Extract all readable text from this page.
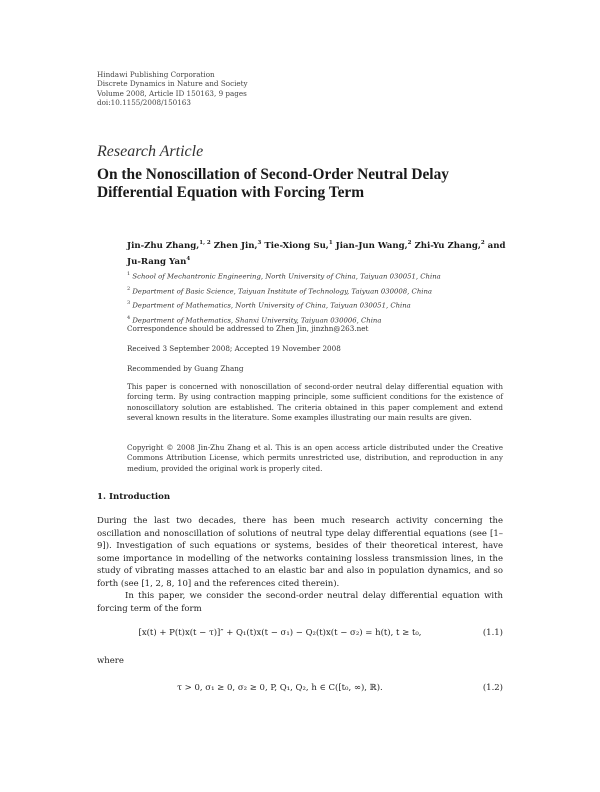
Hindawi Publishing Corporation
Discrete Dynamics in Nature and Society
Volume 2008, Article ID 150163, 9 pages
doi:10.1155/2008/150163
Research Article
On the Nonoscillation of Second-Order Neutral Delay Differential Equation with Forcing Term
Jin-Zhu Zhang,$^{1, 2}$ Zhen Jin,$^3$ Tie-Xiong Su,$^1$ Jian-Jun Wang,$^2$ Zhi-Yu Zhang,$^2$ and Ju-Rang Yan$^4$
$^1$ School of Mechantronic Engineering, North University of China, Taiyuan 030051, China
$^2$ Department of Basic Science, Taiyuan Institute of Technology, Taiyuan 030008, China
$^3$ Department of Mathematics, North University of China, Taiyuan 030051, China
$^4$ Department of Mathematics, Shanxi University, Taiyuan 030006, China
Correspondence should be addressed to Zhen Jin, jinzhn@263.net
Received 3 September 2008; Accepted 19 November 2008
Recommended by Guang Zhang
This paper is concerned with nonoscillation of second-order neutral delay differential equation with forcing term. By using contraction mapping principle, some sufficient conditions for the existence of nonoscillatory solution are established. The criteria obtained in this paper complement and extend several known results in the literature. Some examples illustrating our main results are given.
Copyright © 2008 Jin-Zhu Zhang et al. This is an open access article distributed under the Creative Commons Attribution License, which permits unrestricted use, distribution, and reproduction in any medium, provided the original work is properly cited.
1. Introduction
During the last two decades, there has been much research activity concerning the oscillation and nonoscillation of solutions of neutral type delay differential equations (see [1–9]). Investigation of such equations or systems, besides of their theoretical interest, have some importance in modelling of the networks containing lossless transmission lines, in the study of vibrating masses attached to an elastic bar and also in population dynamics, and so forth (see [1, 2, 8, 10] and the references cited therein).
In this paper, we consider the second-order neutral delay differential equation with forcing term of the form
[x(t) + P(t)x(t − τ)]″ + Q₁(t)x(t − σ₁) − Q₂(t)x(t − σ₂) = h(t), t ≥ t₀,	(1.1)
where
τ > 0, σ₁ ≥ 0, σ₂ ≥ 0, P, Q₁, Q₂, h ∈ C([t₀, ∞), ℝ).	(1.2)
